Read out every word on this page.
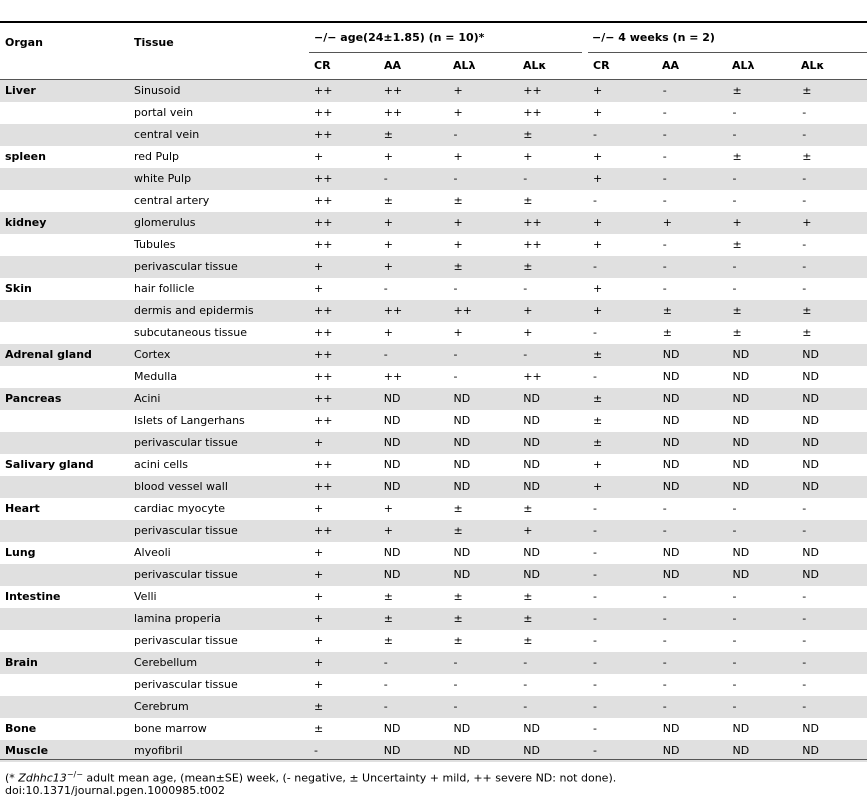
Organ	Tissue	−/− age(24±1.85) (n = 10)*	−/− 4 weeks (n = 2)
CR	AA	ALλ	ALκ	CR	AA	ALλ	ALκ
Liver	Sinusoid	++	++	+	++	+	-	±	±
	portal vein	++	++	+	++	+	-	-	-
	central vein	++	±	-	±	-	-	-	-
spleen	red Pulp	+	+	+	+	+	-	±	±
	white Pulp	++	-	-	-	+	-	-	-
	central artery	++	±	±	±	-	-	-	-
kidney	glomerulus	++	+	+	++	+	+	+	+
	Tubules	++	+	+	++	+	-	±	-
	perivascular tissue	+	+	±	±	-	-	-	-
Skin	hair follicle	+	-	-	-	+	-	-	-
	dermis and epidermis	++	++	++	+	+	±	±	±
	subcutaneous tissue	++	+	+	+	-	±	±	±
Adrenal gland	Cortex	++	-	-	-	±	ND	ND	ND
	Medulla	++	++	-	++	-	ND	ND	ND
Pancreas	Acini	++	ND	ND	ND	±	ND	ND	ND
	Islets of Langerhans	++	ND	ND	ND	±	ND	ND	ND
	perivascular tissue	+	ND	ND	ND	±	ND	ND	ND
Salivary gland	acini cells	++	ND	ND	ND	+	ND	ND	ND
	blood vessel wall	++	ND	ND	ND	+	ND	ND	ND
Heart	cardiac myocyte	+	+	±	±	-	-	-	-
	perivascular tissue	++	+	±	+	-	-	-	-
Lung	Alveoli	+	ND	ND	ND	-	ND	ND	ND
	perivascular tissue	+	ND	ND	ND	-	ND	ND	ND
Intestine	Velli	+	±	±	±	-	-	-	-
	lamina properia	+	±	±	±	-	-	-	-
	perivascular tissue	+	±	±	±	-	-	-	-
Brain	Cerebellum	+	-	-	-	-	-	-	-
	perivascular tissue	+	-	-	-	-	-	-	-
	Cerebrum	±	-	-	-	-	-	-	-
Bone	bone marrow	±	ND	ND	ND	-	ND	ND	ND
Muscle	myofibril	-	ND	ND	ND	-	ND	ND	ND
(* Zdhhc13−/− adult mean age, (mean±SE) week, (- negative, ± Uncertainty + mild, ++ severe ND: not done).
doi:10.1371/journal.pgen.1000985.t002
